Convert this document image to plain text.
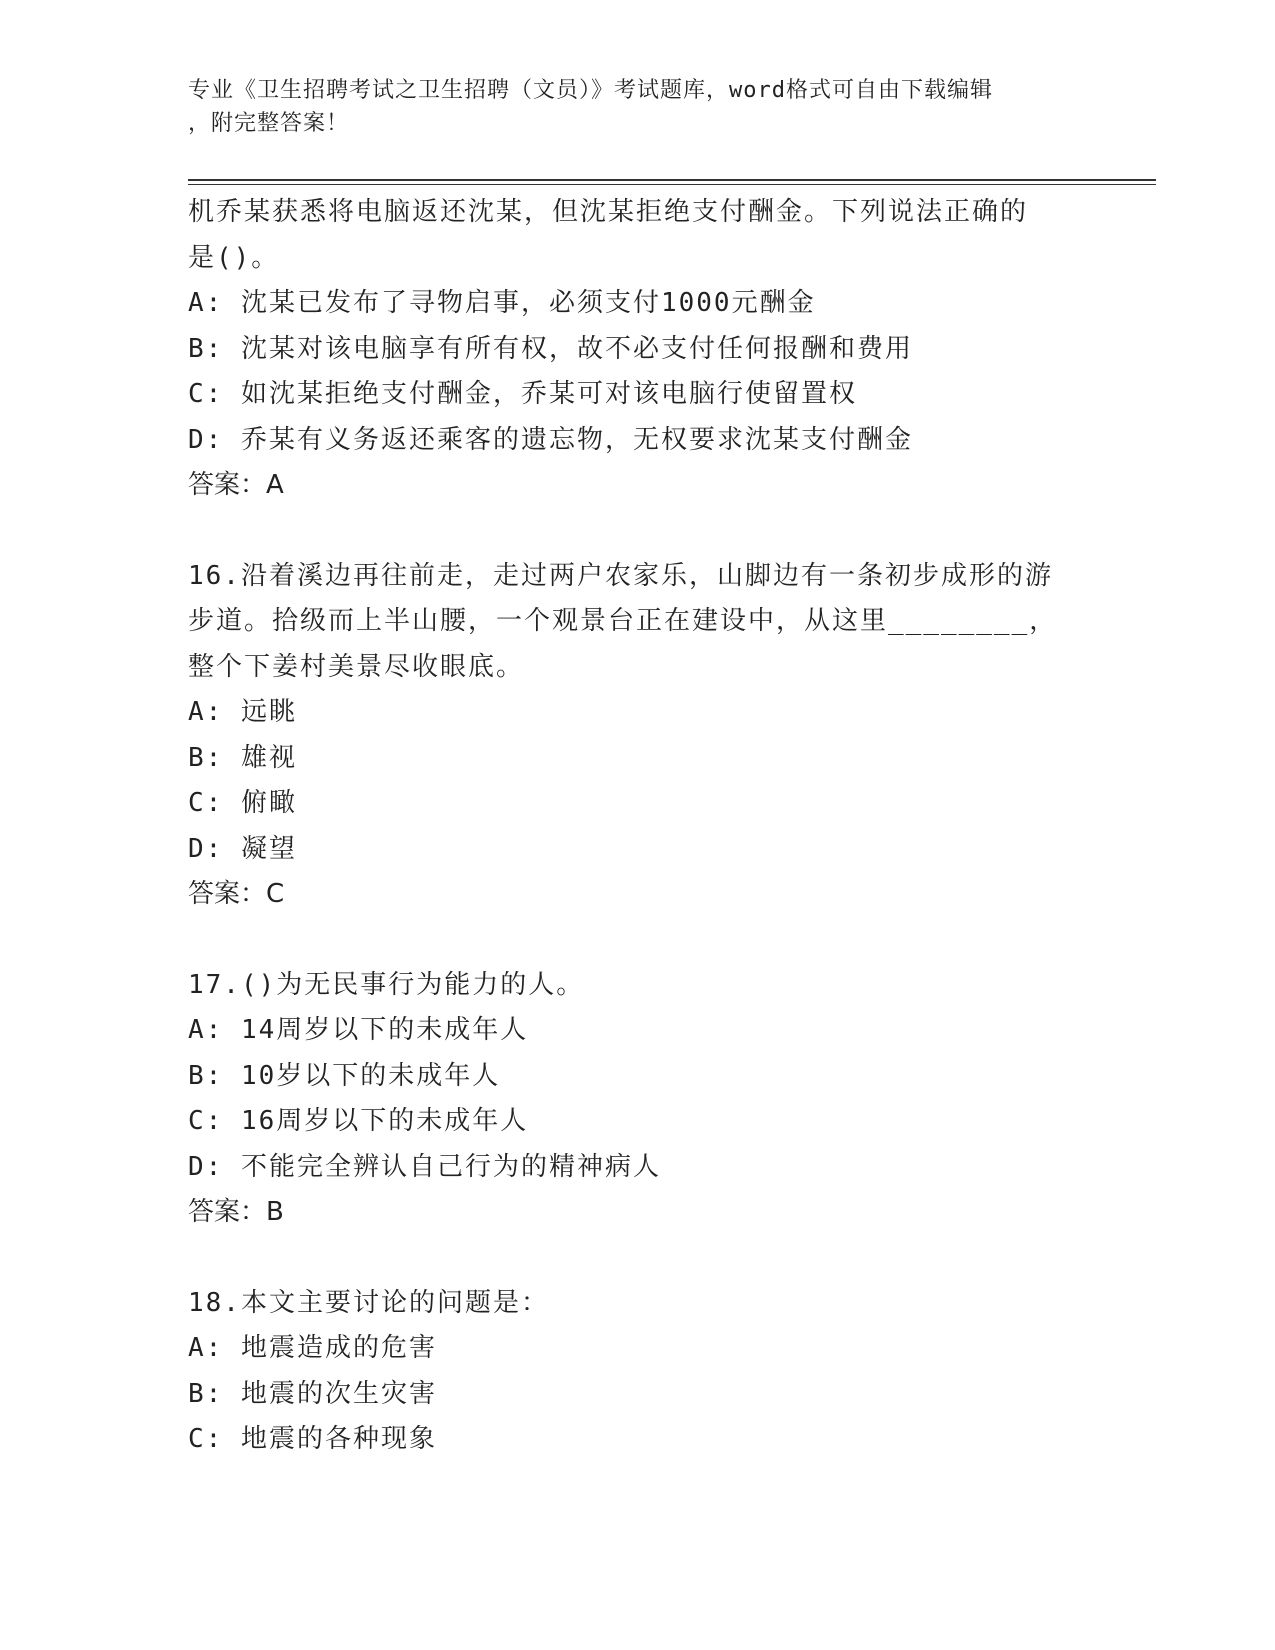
专业《卫生招聘考试之卫生招聘（文员）》考试题库，word格式可自由下载编辑
，附完整答案！
机乔某获悉将电脑返还沈某，但沈某拒绝支付酬金。下列说法正确的
是()。
A: 沈某已发布了寻物启事，必须支付1000元酬金
B: 沈某对该电脑享有所有权，故不必支付任何报酬和费用
C: 如沈某拒绝支付酬金，乔某可对该电脑行使留置权
D: 乔某有义务返还乘客的遗忘物，无权要求沈某支付酬金
答案：A
16.沿着溪边再往前走，走过两户农家乐，山脚边有一条初步成形的游
步道。拾级而上半山腰，一个观景台正在建设中，从这里________，
整个下姜村美景尽收眼底。
A: 远眺
B: 雄视
C: 俯瞰
D: 凝望
答案：C
17.()为无民事行为能力的人。
A: 14周岁以下的未成年人
B: 10岁以下的未成年人
C: 16周岁以下的未成年人
D: 不能完全辨认自己行为的精神病人
答案：B
18.本文主要讨论的问题是：
A: 地震造成的危害
B: 地震的次生灾害
C: 地震的各种现象
